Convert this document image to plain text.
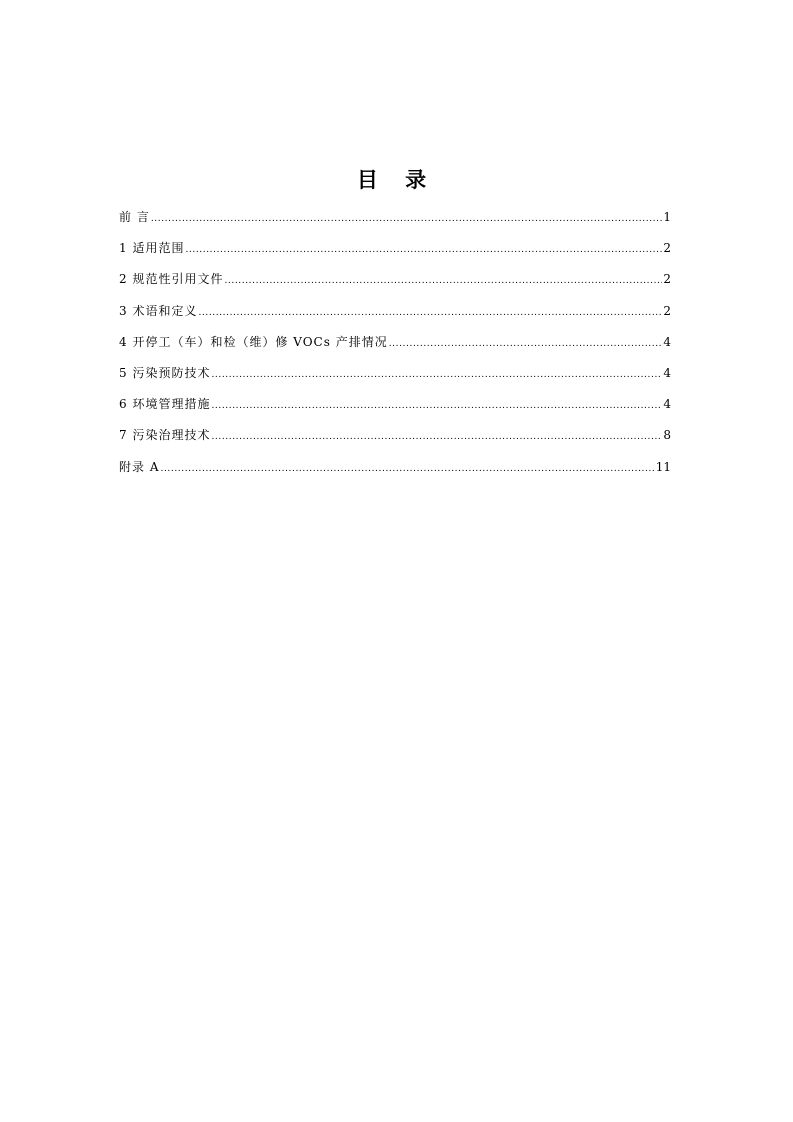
目 录
前 言 .....	1
1 适用范围 .....	2
2 规范性引用文件 .....	2
3 术语和定义 .....	2
4 开停工（车）和检（维）修 VOCs 产排情况 .....	4
5 污染预防技术 .....	4
6 环境管理措施 .....	4
7 污染治理技术 .....	8
附录 A .....	11
